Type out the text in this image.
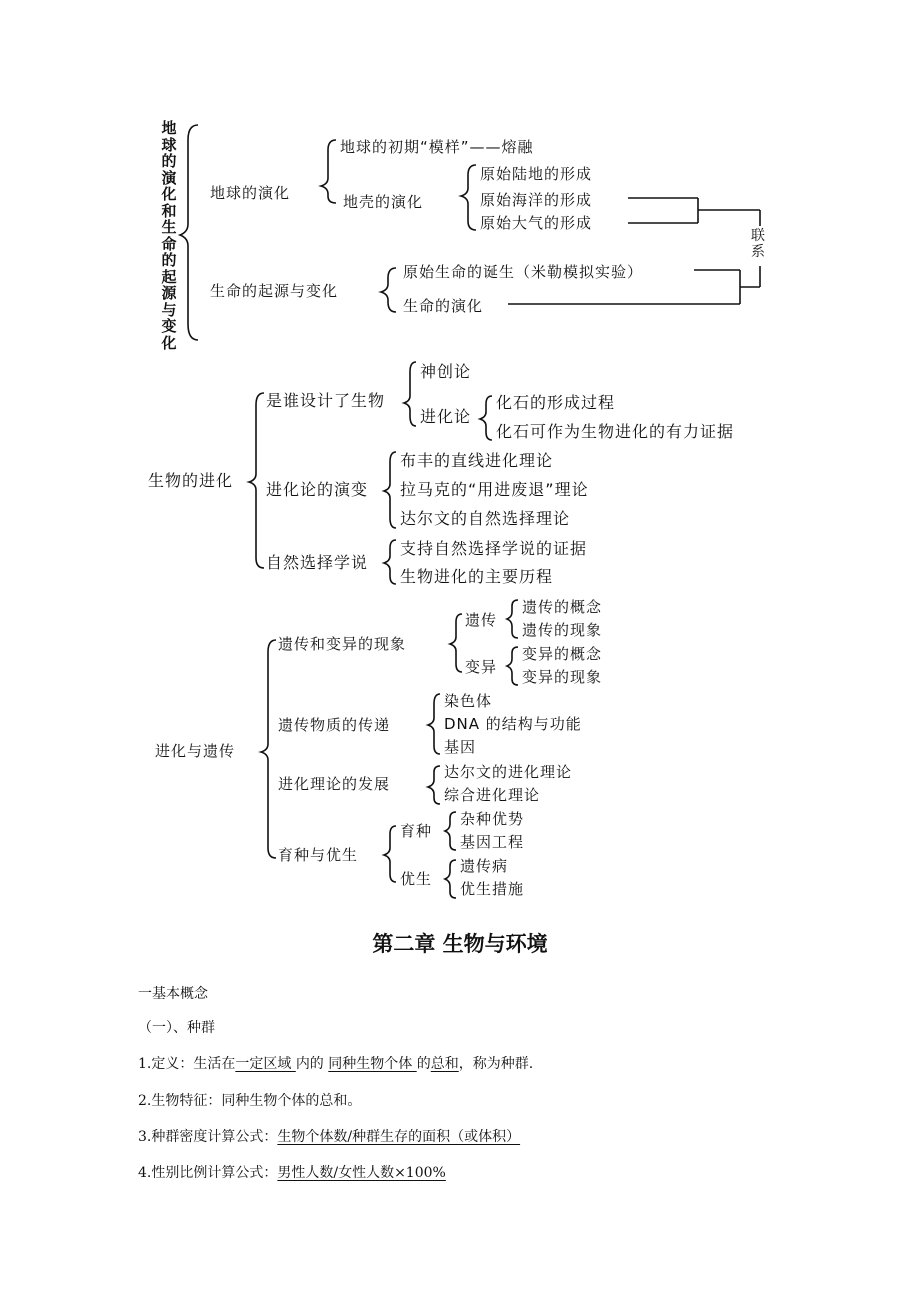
地球的演化和生命的起源与变化
地球的演化
地球的初期“模样”——熔融
地壳的演化
原始陆地的形成
原始海洋的形成
原始大气的形成
生命的起源与变化
原始生命的诞生（米勒模拟实验）
生命的演化
联系
生物的进化
是谁设计了生物
神创论
进化论
化石的形成过程
化石可作为生物进化的有力证据
进化论的演变
布丰的直线进化理论
拉马克的“用进废退”理论
达尔文的自然选择理论
自然选择学说
支持自然选择学说的证据
生物进化的主要历程
进化与遗传
遗传和变异的现象
遗传
遗传的概念
遗传的现象
变异
变异的概念
变异的现象
遗传物质的传递
染色体
DNA 的结构与功能
基因
进化理论的发展
达尔文的进化理论
综合进化理论
育种与优生
育种
杂种优势
基因工程
优生
遗传病
优生措施
第二章 生物与环境
一基本概念
（一）、种群
1.定义：生活在一定区域 内的 同种生物个体 的总和，称为种群.
2.生物特征：同种生物个体的总和。
3.种群密度计算公式：生物个体数/种群生存的面积（或体积）
4.性别比例计算公式：男性人数/女性人数×100%
